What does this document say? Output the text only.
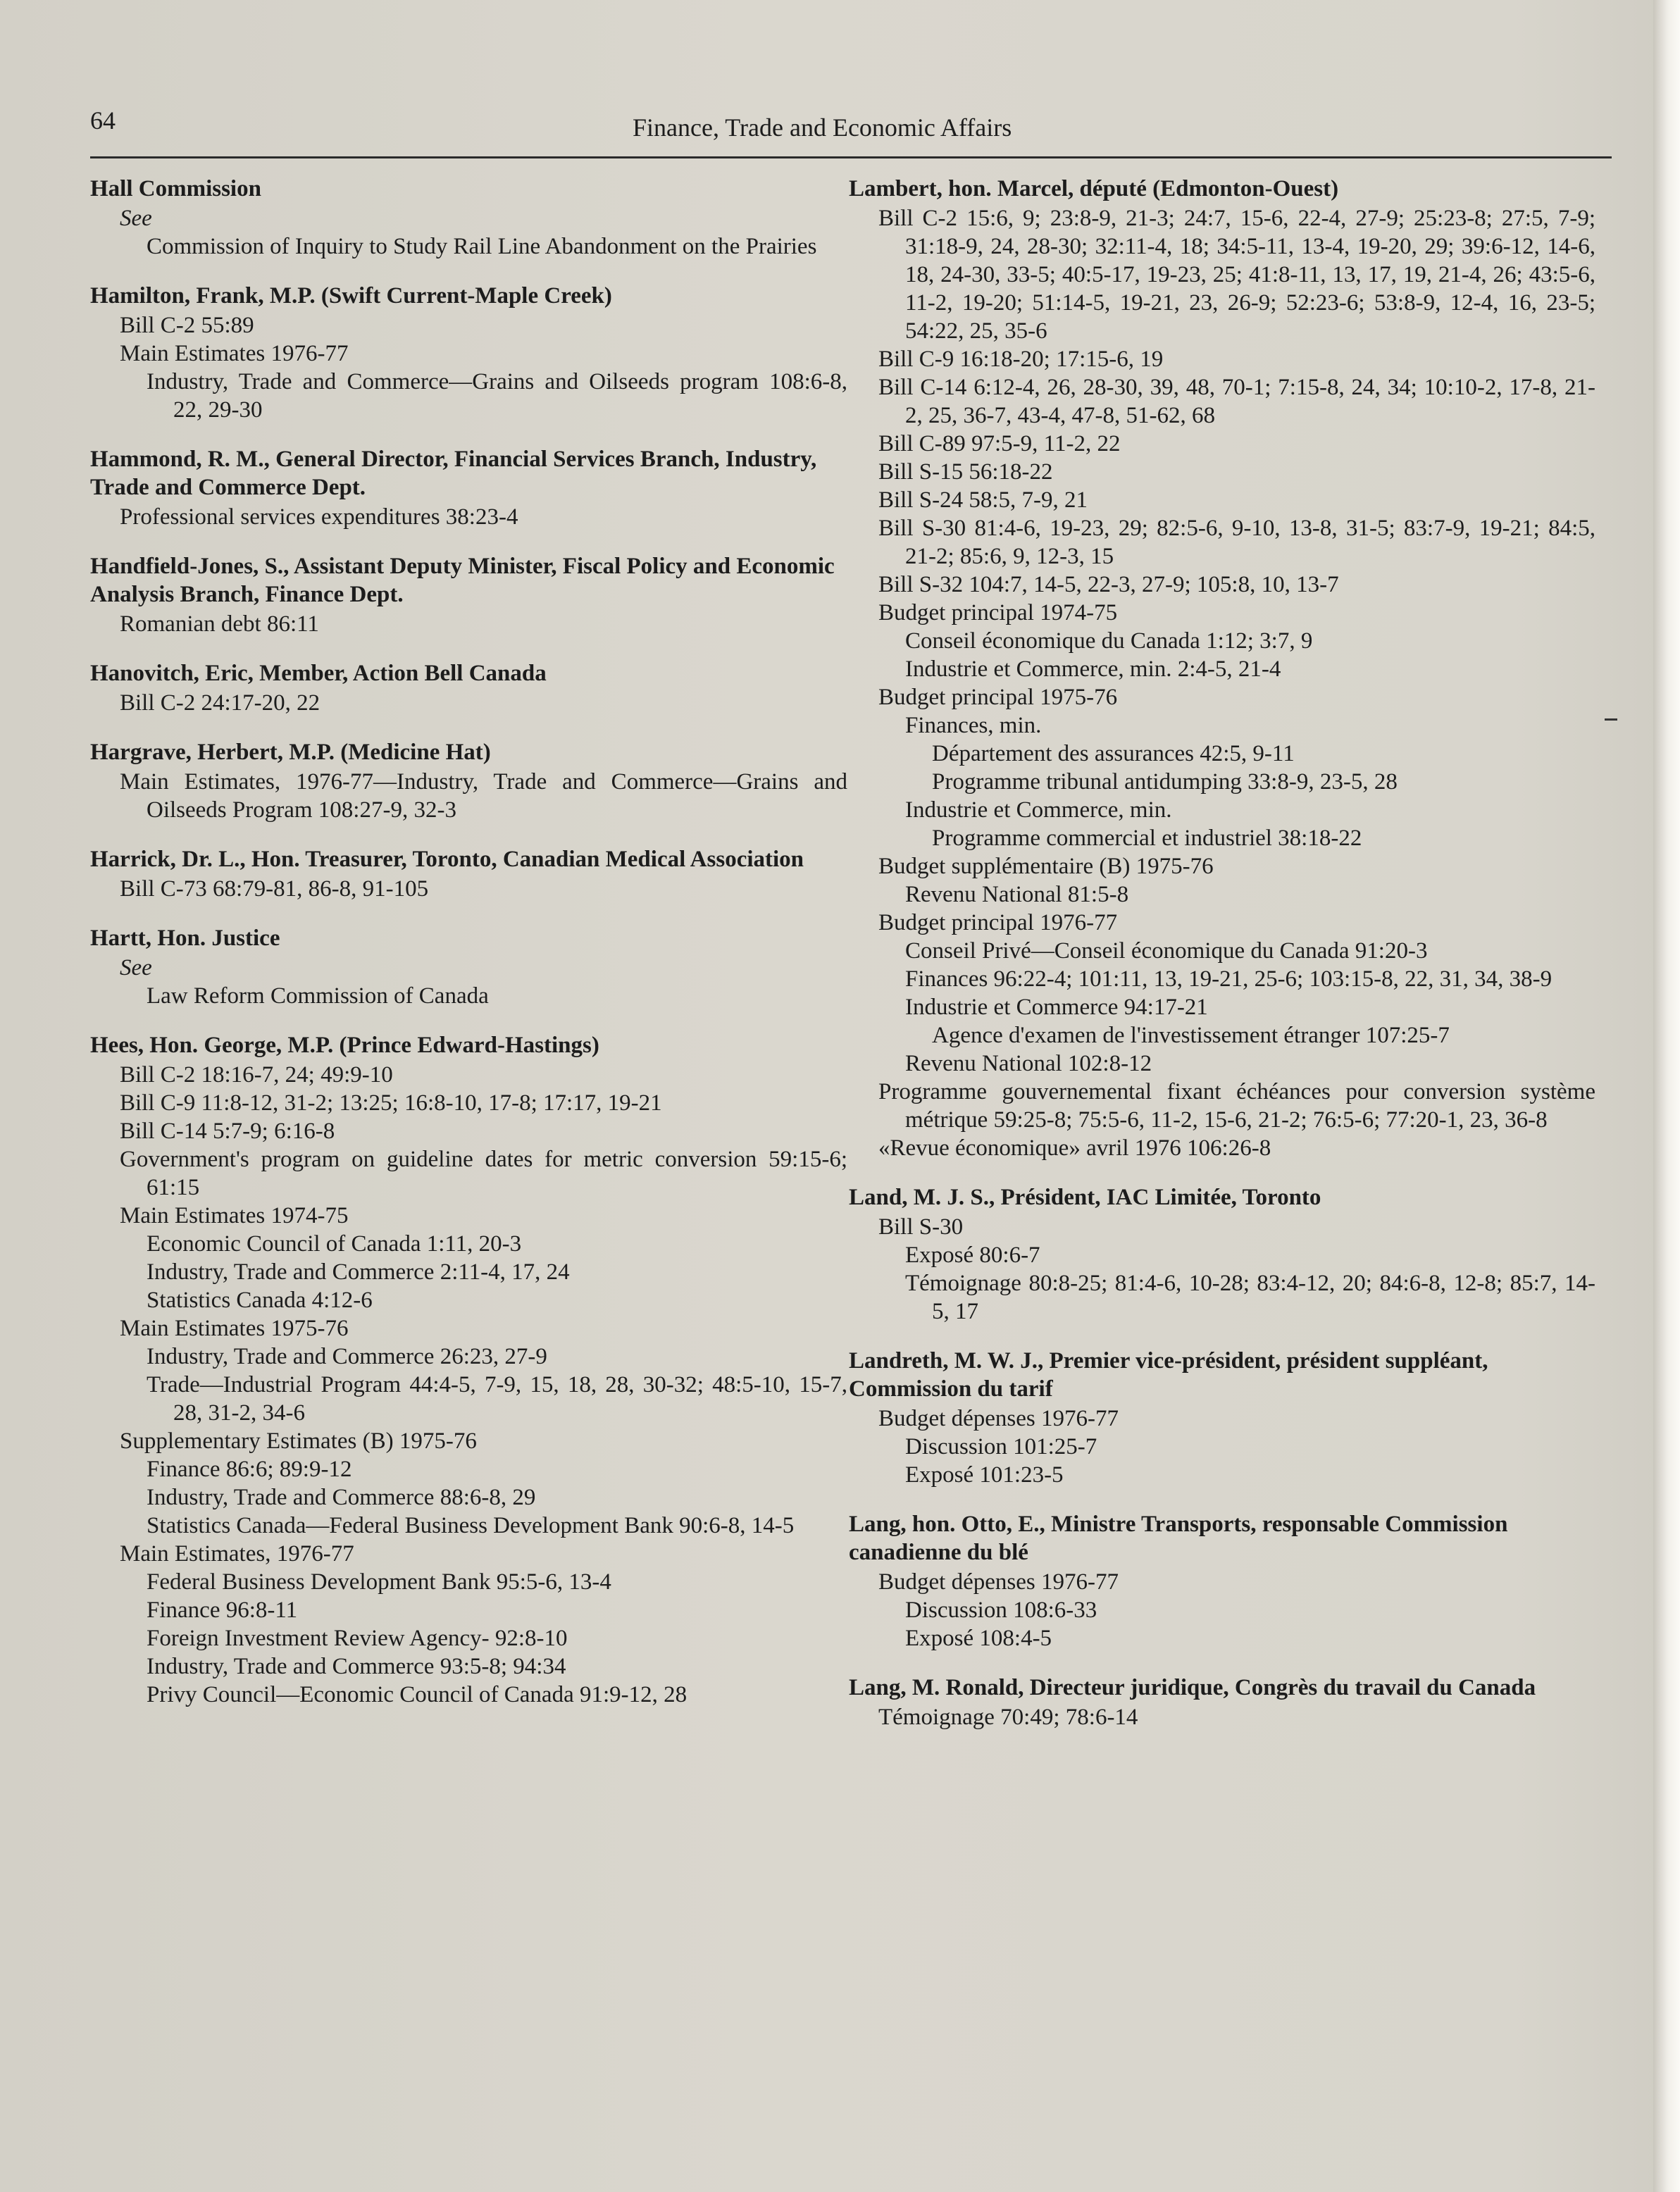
64	Finance, Trade and Economic Affairs
Hall Commission
See
Commission of Inquiry to Study Rail Line Abandonment on the Prairies
Hamilton, Frank, M.P. (Swift Current-Maple Creek)
Bill C-2 55:89
Main Estimates 1976-77
Industry, Trade and Commerce—Grains and Oilseeds program 108:6-8, 22, 29-30
Hammond, R. M., General Director, Financial Services Branch, Industry, Trade and Commerce Dept.
Professional services expenditures 38:23-4
Handfield-Jones, S., Assistant Deputy Minister, Fiscal Policy and Economic Analysis Branch, Finance Dept.
Romanian debt 86:11
Hanovitch, Eric, Member, Action Bell Canada
Bill C-2 24:17-20, 22
Hargrave, Herbert, M.P. (Medicine Hat)
Main Estimates, 1976-77—Industry, Trade and Commerce—Grains and Oilseeds Program 108:27-9, 32-3
Harrick, Dr. L., Hon. Treasurer, Toronto, Canadian Medical Association
Bill C-73 68:79-81, 86-8, 91-105
Hartt, Hon. Justice
See
Law Reform Commission of Canada
Hees, Hon. George, M.P. (Prince Edward-Hastings)
Bill C-2 18:16-7, 24; 49:9-10
Bill C-9 11:8-12, 31-2; 13:25; 16:8-10, 17-8; 17:17, 19-21
Bill C-14 5:7-9; 6:16-8
Government's program on guideline dates for metric conversion 59:15-6; 61:15
Main Estimates 1974-75
Economic Council of Canada 1:11, 20-3
Industry, Trade and Commerce 2:11-4, 17, 24
Statistics Canada 4:12-6
Main Estimates 1975-76
Industry, Trade and Commerce 26:23, 27-9
Trade—Industrial Program 44:4-5, 7-9, 15, 18, 28, 30-32; 48:5-10, 15-7, 28, 31-2, 34-6
Supplementary Estimates (B) 1975-76
Finance 86:6; 89:9-12
Industry, Trade and Commerce 88:6-8, 29
Statistics Canada—Federal Business Development Bank 90:6-8, 14-5
Main Estimates, 1976-77
Federal Business Development Bank 95:5-6, 13-4
Finance 96:8-11
Foreign Investment Review Agency- 92:8-10
Industry, Trade and Commerce 93:5-8; 94:34
Privy Council—Economic Council of Canada 91:9-12, 28
Lambert, hon. Marcel, député (Edmonton-Ouest)
Bill C-2 15:6, 9; 23:8-9, 21-3; 24:7, 15-6, 22-4, 27-9; 25:23-8; 27:5, 7-9; 31:18-9, 24, 28-30; 32:11-4, 18; 34:5-11, 13-4, 19-20, 29; 39:6-12, 14-6, 18, 24-30, 33-5; 40:5-17, 19-23, 25; 41:8-11, 13, 17, 19, 21-4, 26; 43:5-6, 11-2, 19-20; 51:14-5, 19-21, 23, 26-9; 52:23-6; 53:8-9, 12-4, 16, 23-5; 54:22, 25, 35-6
Bill C-9 16:18-20; 17:15-6, 19
Bill C-14 6:12-4, 26, 28-30, 39, 48, 70-1; 7:15-8, 24, 34; 10:10-2, 17-8, 21-2, 25, 36-7, 43-4, 47-8, 51-62, 68
Bill C-89 97:5-9, 11-2, 22
Bill S-15 56:18-22
Bill S-24 58:5, 7-9, 21
Bill S-30 81:4-6, 19-23, 29; 82:5-6, 9-10, 13-8, 31-5; 83:7-9, 19-21; 84:5, 21-2; 85:6, 9, 12-3, 15
Bill S-32 104:7, 14-5, 22-3, 27-9; 105:8, 10, 13-7
Budget principal 1974-75
Conseil économique du Canada 1:12; 3:7, 9
Industrie et Commerce, min. 2:4-5, 21-4
Budget principal 1975-76
Finances, min.
Département des assurances 42:5, 9-11
Programme tribunal antidumping 33:8-9, 23-5, 28
Industrie et Commerce, min.
Programme commercial et industriel 38:18-22
Budget supplémentaire (B) 1975-76
Revenu National 81:5-8
Budget principal 1976-77
Conseil Privé—Conseil économique du Canada 91:20-3
Finances 96:22-4; 101:11, 13, 19-21, 25-6; 103:15-8, 22, 31, 34, 38-9
Industrie et Commerce 94:17-21
Agence d'examen de l'investissement étranger 107:25-7
Revenu National 102:8-12
Programme gouvernemental fixant échéances pour conversion système métrique 59:25-8; 75:5-6, 11-2, 15-6, 21-2; 76:5-6; 77:20-1, 23, 36-8
«Revue économique» avril 1976 106:26-8
Land, M. J. S., Président, IAC Limitée, Toronto
Bill S-30
Exposé 80:6-7
Témoignage 80:8-25; 81:4-6, 10-28; 83:4-12, 20; 84:6-8, 12-8; 85:7, 14-5, 17
Landreth, M. W. J., Premier vice-président, président suppléant, Commission du tarif
Budget dépenses 1976-77
Discussion 101:25-7
Exposé 101:23-5
Lang, hon. Otto, E., Ministre Transports, responsable Commission canadienne du blé
Budget dépenses 1976-77
Discussion 108:6-33
Exposé 108:4-5
Lang, M. Ronald, Directeur juridique, Congrès du travail du Canada
Témoignage 70:49; 78:6-14
